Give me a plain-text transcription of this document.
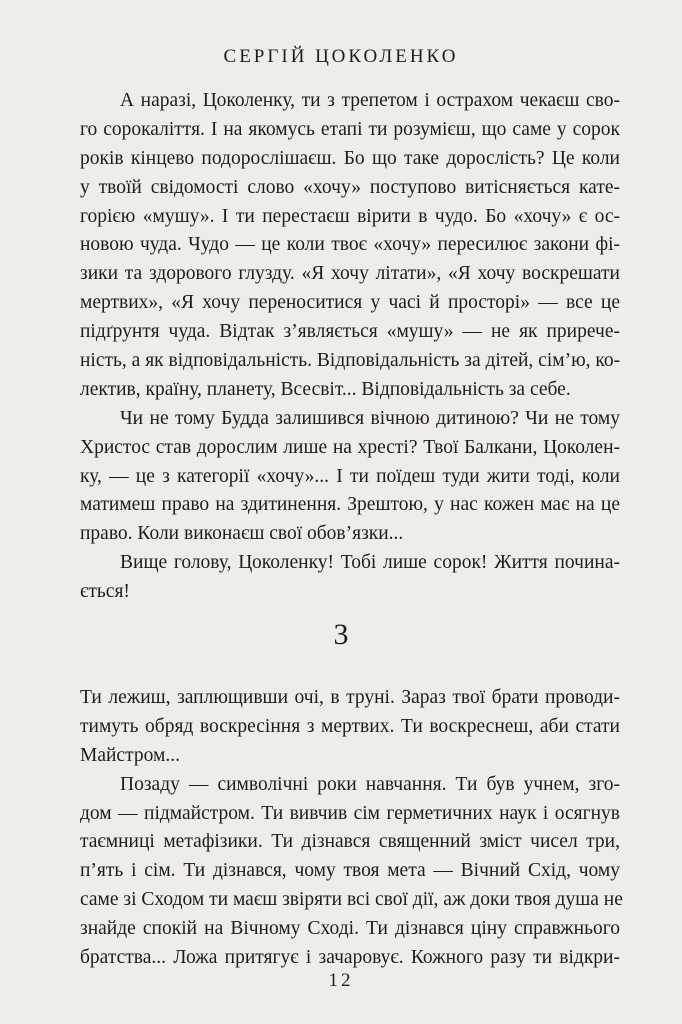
СЕРГІЙ ЦОКОЛЕНКО
А наразі, Цоколенку, ти з трепетом і острахом чекаєш сво-
го сорокаліття. І на якомусь етапі ти розумієш, що саме у сорок
років кінцево подорослішаєш. Бо що таке дорослість? Це коли
у твоїй свідомості слово «хочу» поступово витісняється кате-
горією «мушу». І ти перестаєш вірити в чудо. Бо «хочу» є ос-
новою чуда. Чудо — це коли твоє «хочу» пересилює закони фі-
зики та здорового глузду. «Я хочу літати», «Я хочу воскрешати
мертвих», «Я хочу переноситися у часі й просторі» — все це
підґрунтя чуда. Відтак з’являється «мушу» — не як прирече-
ність, а як відповідальність. Відповідальність за дітей, сім’ю, ко-
лектив, країну, планету, Всесвіт... Відповідальність за себе.
Чи не тому Будда залишився вічною дитиною? Чи не тому
Христос став дорослим лише на хресті? Твої Балкани, Цоколен-
ку, — це з категорії «хочу»... І ти поїдеш туди жити тоді, коли
матимеш право на здитинення. Зрештою, у нас кожен має на це
право. Коли виконаєш свої обов’язки...
Вище голову, Цоколенку! Тобі лише сорок! Життя почина-
ється!
3
Ти лежиш, заплющивши очі, в труні. Зараз твої брати проводи-
тимуть обряд воскресіння з мертвих. Ти воскреснеш, аби стати
Майстром...
Позаду — символічні роки навчання. Ти був учнем, зго-
дом — підмайстром. Ти вивчив сім герметичних наук і осягнув
таємниці метафізики. Ти дізнався священний зміст чисел три,
п’ять і сім. Ти дізнався, чому твоя мета — Вічний Схід, чому
саме зі Сходом ти маєш звіряти всі свої дії, аж доки твоя душа не
знайде спокій на Вічному Сході. Ти дізнався ціну справжнього
братства... Ложа притягує і зачаровує. Кожного разу ти відкри-
12
